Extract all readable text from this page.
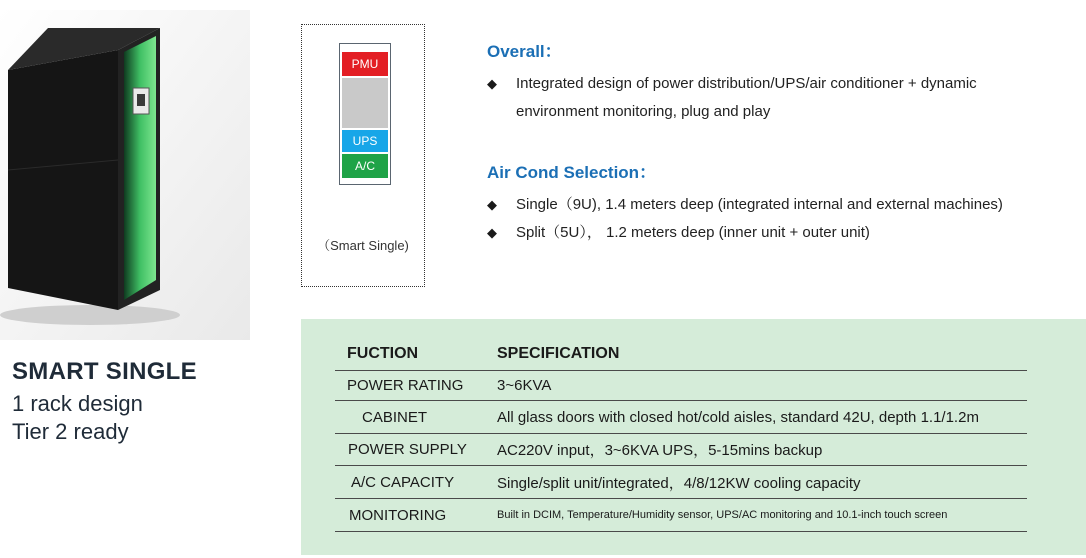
SMART SINGLE
1 rack design
Tier 2 ready
PMU
UPS
A/C
（Smart Single)
Overall：
◆ Integrated design of power distribution/UPS/air conditioner + dynamic
environment monitoring, plug and play
Air Cond Selection：
◆ Single（9U), 1.4 meters deep (integrated internal and external machines)
◆ Split（5U）， 1.2 meters deep (inner unit + outer unit)
FUCTION	SPECIFICATION
POWER RATING	3~6KVA
CABINET	All glass doors with closed hot/cold aisles, standard 42U, depth 1.1/1.2m
POWER SUPPLY	AC220V input，3~6KVA UPS，5-15mins backup
A/C CAPACITY	Single/split unit/integrated，4/8/12KW cooling capacity
MONITORING	Built in DCIM, Temperature/Humidity sensor, UPS/AC monitoring and 10.1-inch touch screen
